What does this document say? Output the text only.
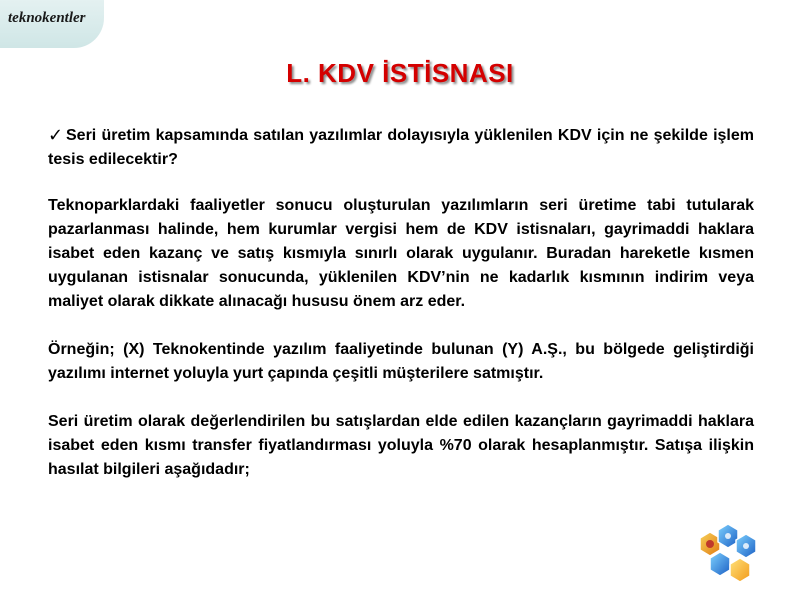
teknokentler
L. KDV İSTİSNASI

✓ Seri üretim kapsamında satılan yazılımlar dolayısıyla yüklenilen KDV için ne şekilde işlem tesis edilecektir?

Teknoparklardaki faaliyetler sonucu oluşturulan yazılımların seri üretime tabi tutularak pazarlanması halinde, hem kurumlar vergisi hem de KDV istisnaları, gayrimaddi haklara isabet eden kazanç ve satış kısmıyla sınırlı olarak uygulanır. Buradan hareketle kısmen uygulanan istisnalar sonucunda, yüklenilen KDV’nin ne kadarlık kısmının indirim veya maliyet olarak dikkate alınacağı hususu önem arz eder.

Örneğin; (X) Teknokentinde yazılım faaliyetinde bulunan (Y) A.Ş., bu bölgede geliştirdiği yazılımı internet yoluyla yurt çapında çeşitli müşterilere satmıştır.

Seri üretim olarak değerlendirilen bu satışlardan elde edilen kazançların gayrimaddi haklara isabet eden kısmı transfer fiyatlandırması yoluyla %70 olarak hesaplanmıştır. Satışa ilişkin hasılat bilgileri aşağıdadır;
